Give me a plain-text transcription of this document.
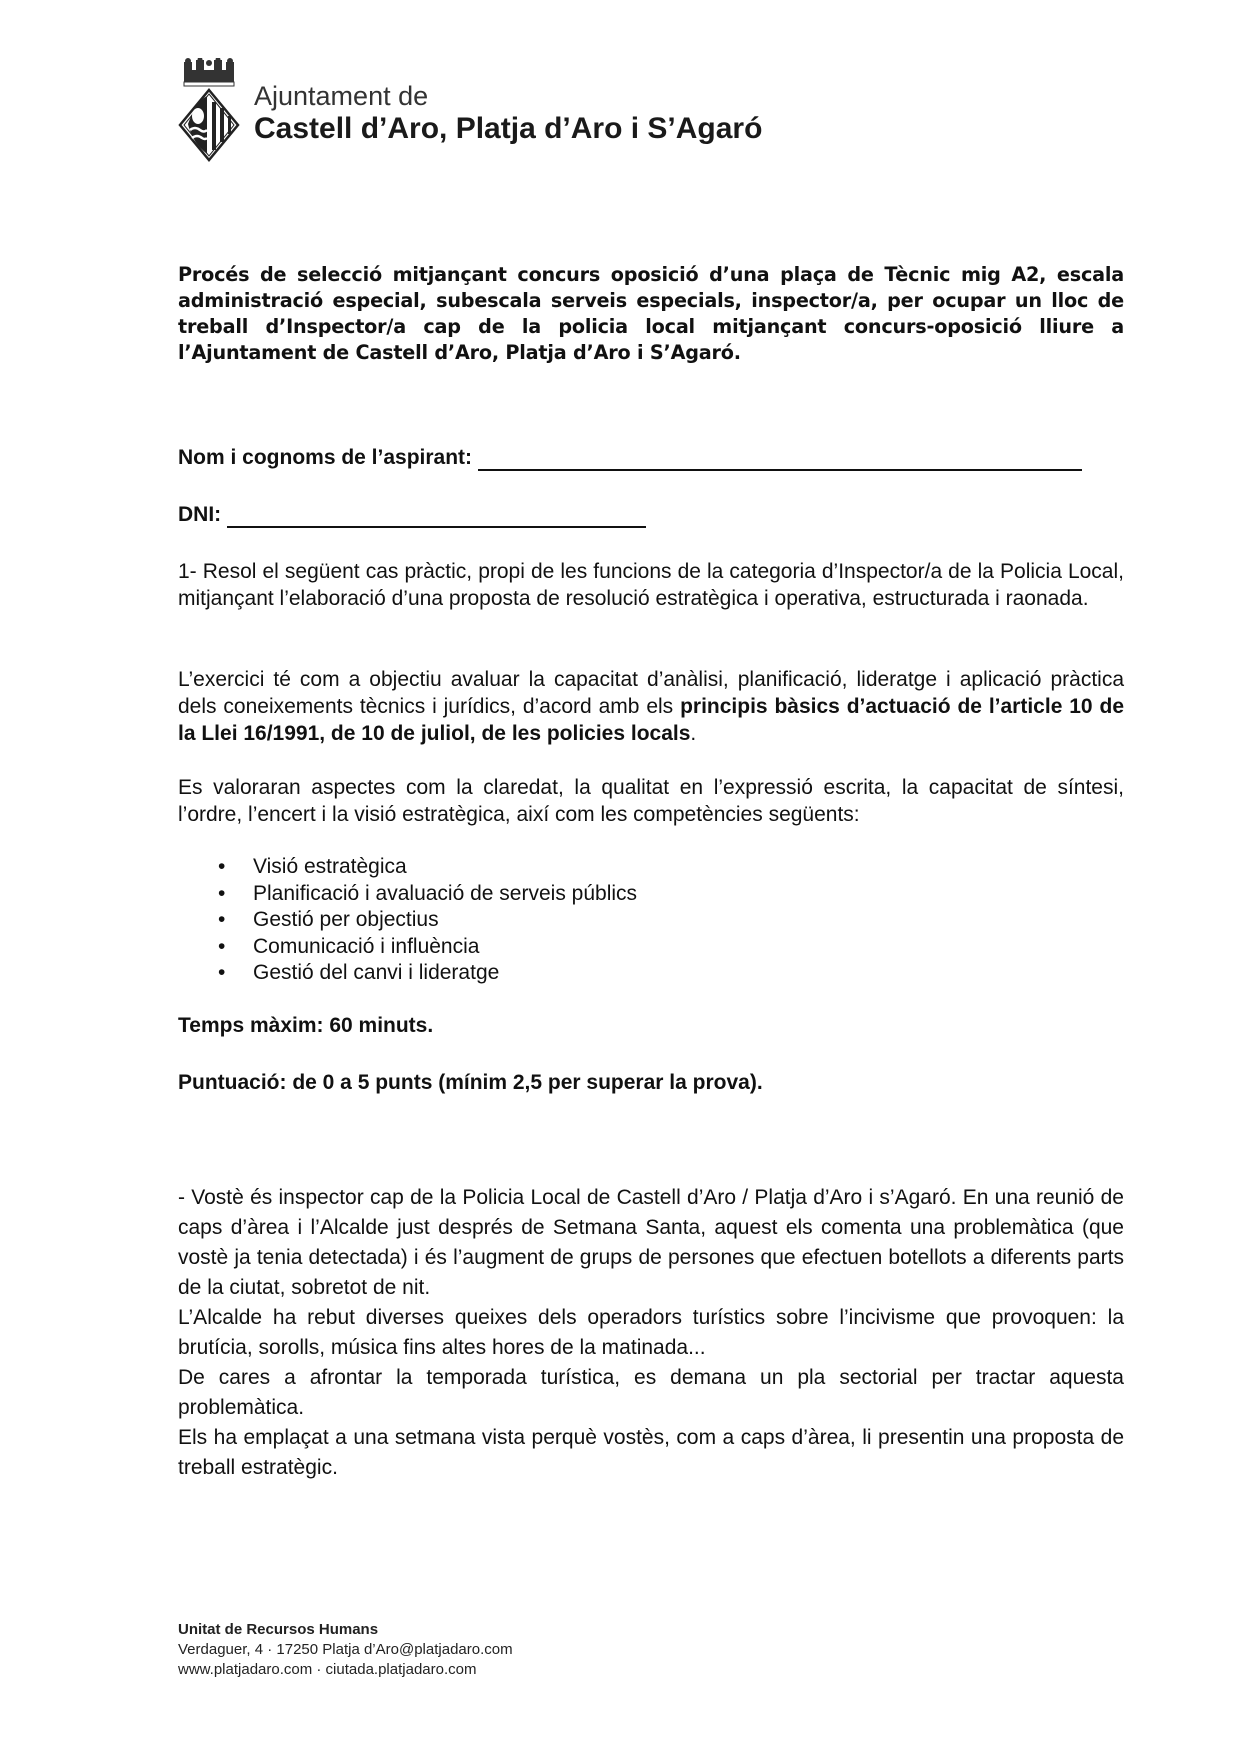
Ajuntament de
Castell d’Aro, Platja d’Aro i S’Agaró
Procés de selecció mitjançant concurs oposició d’una plaça de Tècnic mig A2, escala administració especial, subescala serveis especials, inspector/a, per ocupar un lloc de treball d’Inspector/a cap de la policia local mitjançant concurs-oposició lliure a l’Ajuntament de Castell d’Aro, Platja d’Aro i S’Agaró.
Nom i cognoms de l’aspirant:
DNI:
1- Resol el següent cas pràctic, propi de les funcions de la categoria d’Inspector/a de la Policia Local, mitjançant l’elaboració d’una proposta de resolució estratègica i operativa, estructurada i raonada.
L’exercici té com a objectiu avaluar la capacitat d’anàlisi, planificació, lideratge i aplicació pràctica dels coneixements tècnics i jurídics, d’acord amb els principis bàsics d’actuació de l’article 10 de la Llei 16/1991, de 10 de juliol, de les policies locals.
Es valoraran aspectes com la claredat, la qualitat en l’expressió escrita, la capacitat de síntesi, l’ordre, l’encert i la visió estratègica, així com les competències següents:
• Visió estratègica
• Planificació i avaluació de serveis públics
• Gestió per objectius
• Comunicació i influència
• Gestió del canvi i lideratge
Temps màxim: 60 minuts.
Puntuació: de 0 a 5 punts (mínim 2,5 per superar la prova).

- Vostè és inspector cap de la Policia Local de Castell d’Aro / Platja d’Aro i s’Agaró. En una reunió de caps d’àrea i l’Alcalde just després de Setmana Santa, aquest els comenta una problemàtica (que vostè ja tenia detectada) i és l’augment de grups de persones que efectuen botellots a diferents parts de la ciutat, sobretot de nit.

L’Alcalde ha rebut diverses queixes dels operadors turístics sobre l’incivisme que provoquen: la brutícia, sorolls, música fins altes hores de la matinada...

De cares a afrontar la temporada turística, es demana un pla sectorial per tractar aquesta problemàtica.

Els ha emplaçat a una setmana vista perquè vostès, com a caps d’àrea, li presentin una proposta de treball estratègic.

Unitat de Recursos Humans
Verdaguer, 4 · 17250 Platja d’Aro@platjadaro.com
www.platjadaro.com · ciutada.platjadaro.com
